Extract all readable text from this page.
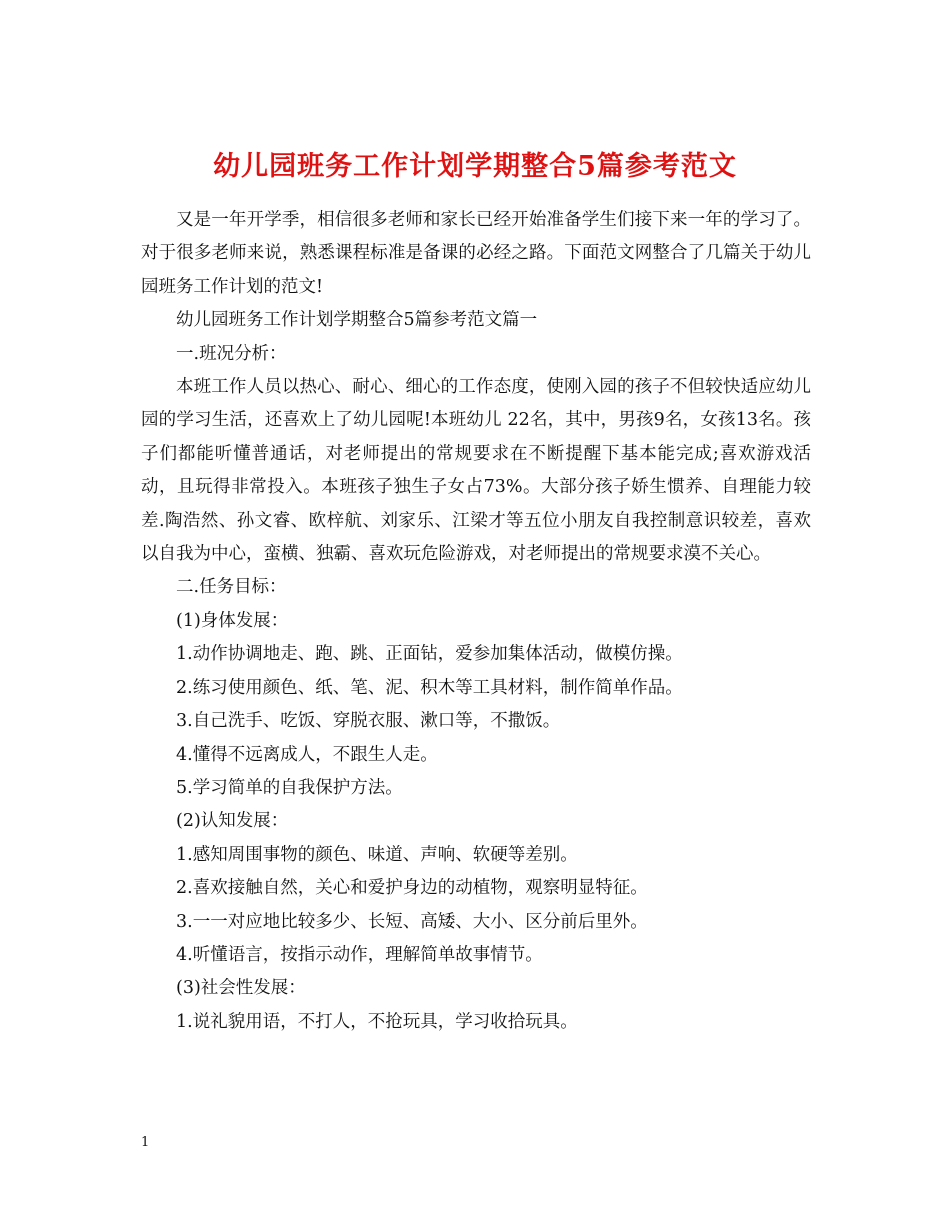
幼儿园班务工作计划学期整合5篇参考范文

又是一年开学季，相信很多老师和家长已经开始准备学生们接下来一年的学习了。对于很多老师来说，熟悉课程标准是备课的必经之路。下面范文网整合了几篇关于幼儿园班务工作计划的范文!

幼儿园班务工作计划学期整合5篇参考范文篇一

一.班况分析：

本班工作人员以热心、耐心、细心的工作态度，使刚入园的孩子不但较快适应幼儿园的学习生活，还喜欢上了幼儿园呢!本班幼儿 22名，其中，男孩9名，女孩13名。孩子们都能听懂普通话，对老师提出的常规要求在不断提醒下基本能完成;喜欢游戏活动，且玩得非常投入。本班孩子独生子女占73%。大部分孩子娇生惯养、自理能力较差.陶浩然、孙文睿、欧梓航、刘家乐、江梁才等五位小朋友自我控制意识较差，喜欢以自我为中心，蛮横、独霸、喜欢玩危险游戏，对老师提出的常规要求漠不关心。

二.任务目标：

(1)身体发展：

1.动作协调地走、跑、跳、正面钻，爱参加集体活动，做模仿操。

2.练习使用颜色、纸、笔、泥、积木等工具材料，制作简单作品。

3.自己洗手、吃饭、穿脱衣服、漱口等，不撒饭。

4.懂得不远离成人，不跟生人走。

5.学习简单的自我保护方法。

(2)认知发展：

1.感知周围事物的颜色、味道、声响、软硬等差别。

2.喜欢接触自然，关心和爱护身边的动植物，观察明显特征。

3.一一对应地比较多少、长短、高矮、大小、区分前后里外。

4.听懂语言，按指示动作，理解简单故事情节。

(3)社会性发展：

1.说礼貌用语，不打人，不抢玩具，学习收拾玩具。

1
